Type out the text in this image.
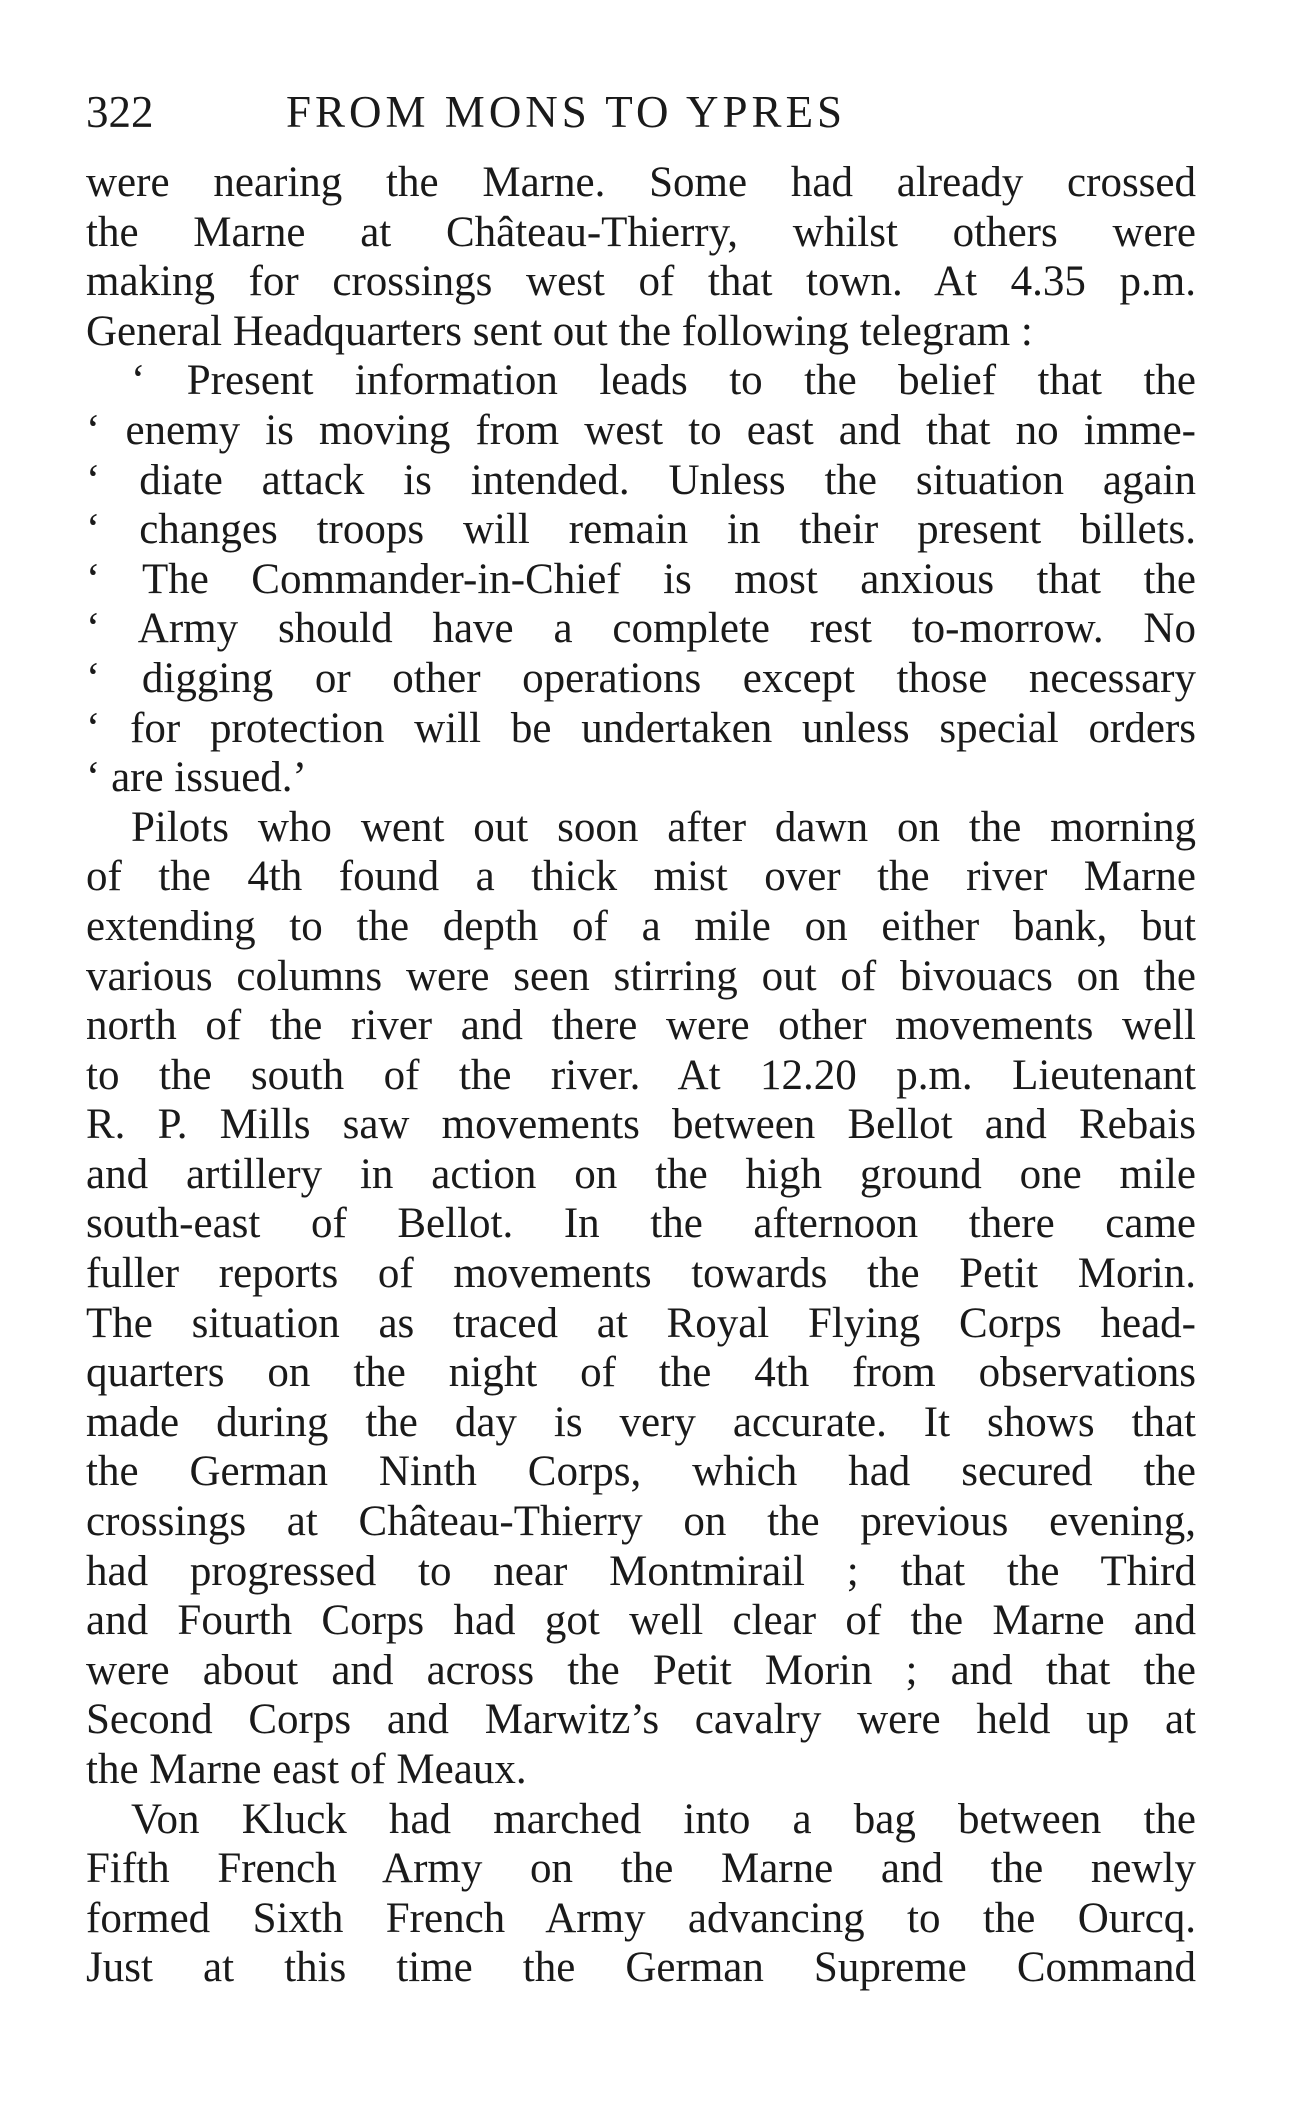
322	FROM MONS TO YPRES
were nearing the Marne. Some had already crossed
the Marne at Château-Thierry, whilst others were
making for crossings west of that town. At 4.35 p.m.
General Headquarters sent out the following telegram :
‘ Present information leads to the belief that the
‘ enemy is moving from west to east and that no imme-
‘ diate attack is intended. Unless the situation again
‘ changes troops will remain in their present billets.
‘ The Commander-in-Chief is most anxious that the
‘ Army should have a complete rest to-morrow. No
‘ digging or other operations except those necessary
‘ for protection will be undertaken unless special orders
‘ are issued.’
Pilots who went out soon after dawn on the morning
of the 4th found a thick mist over the river Marne
extending to the depth of a mile on either bank, but
various columns were seen stirring out of bivouacs on the
north of the river and there were other movements well
to the south of the river. At 12.20 p.m. Lieutenant
R. P. Mills saw movements between Bellot and Rebais
and artillery in action on the high ground one mile
south-east of Bellot. In the afternoon there came
fuller reports of movements towards the Petit Morin.
The situation as traced at Royal Flying Corps head-
quarters on the night of the 4th from observations
made during the day is very accurate. It shows that
the German Ninth Corps, which had secured the
crossings at Château-Thierry on the previous evening,
had progressed to near Montmirail ; that the Third
and Fourth Corps had got well clear of the Marne and
were about and across the Petit Morin ; and that the
Second Corps and Marwitz’s cavalry were held up at
the Marne east of Meaux.
Von Kluck had marched into a bag between the
Fifth French Army on the Marne and the newly
formed Sixth French Army advancing to the Ourcq.
Just at this time the German Supreme Command
